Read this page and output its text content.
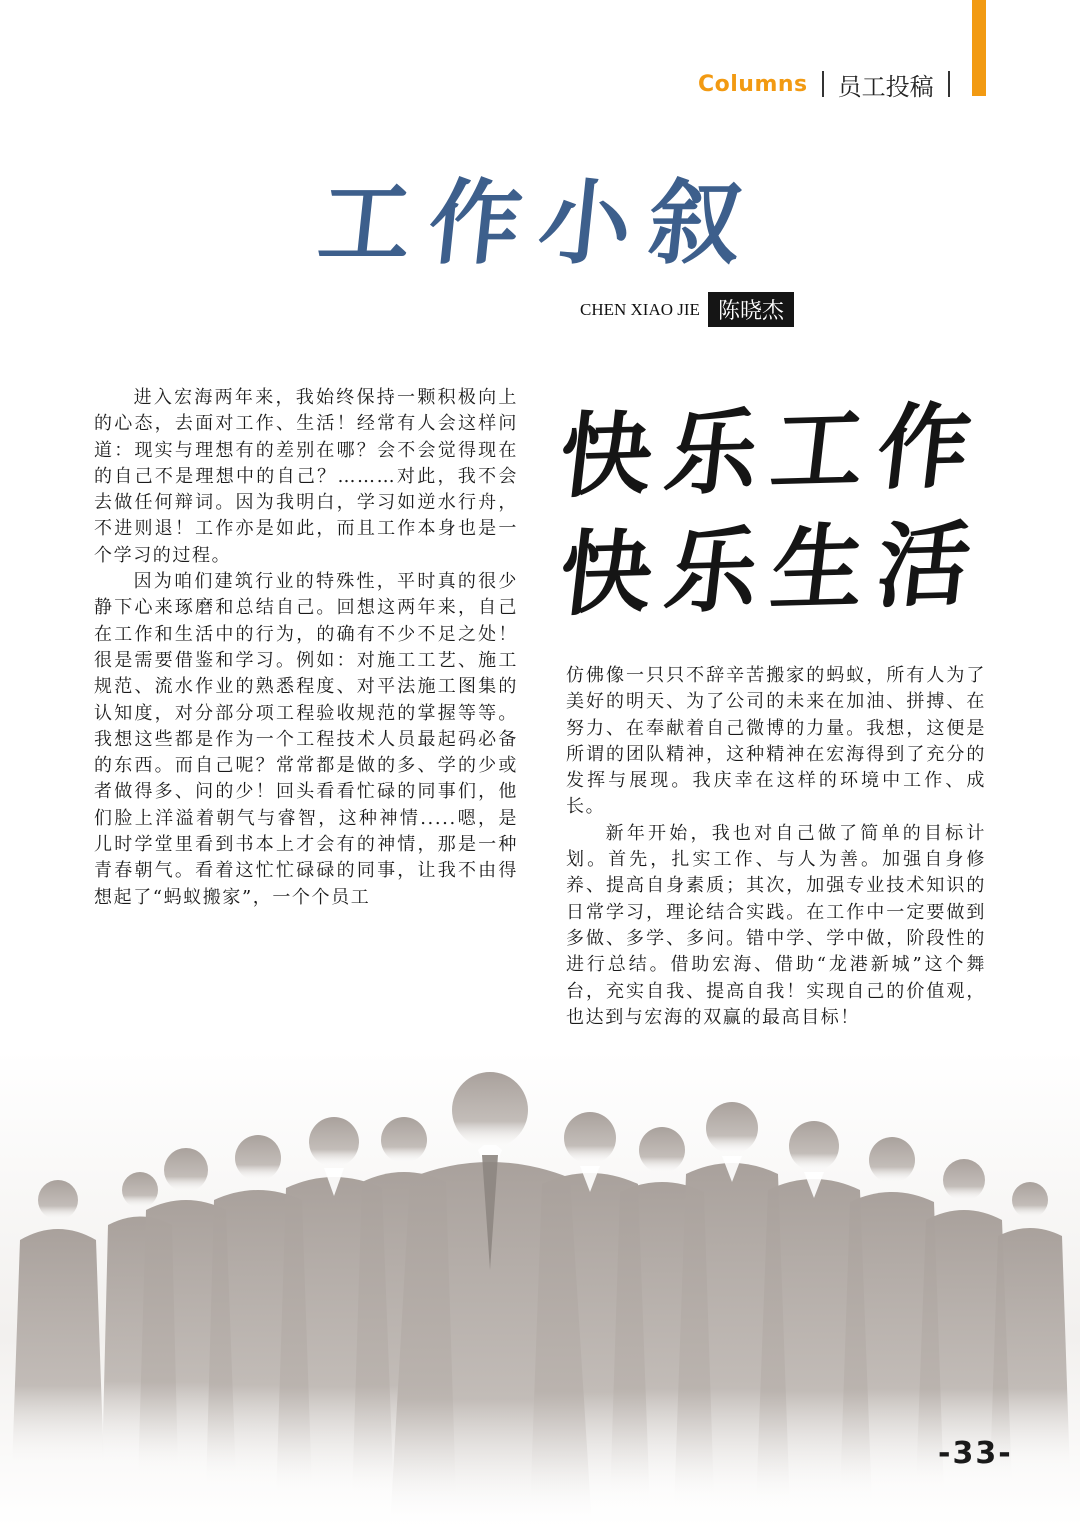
Columns 员工投稿
工作小叙
CHEN XIAO JIE 陈晓杰

进入宏海两年来，我始终保持一颗积极向上的心态，去面对工作、生活！经常有人会这样问道：现实与理想有的差别在哪？会不会觉得现在的自己不是理想中的自己？………对此，我不会去做任何辩词。因为我明白，学习如逆水行舟，不进则退！工作亦是如此，而且工作本身也是一个学习的过程。

因为咱们建筑行业的特殊性，平时真的很少静下心来琢磨和总结自己。回想这两年来，自己在工作和生活中的行为，的确有不少不足之处！很是需要借鉴和学习。例如：对施工工艺、施工规范、流水作业的熟悉程度、对平法施工图集的认知度，对分部分项工程验收规范的掌握等等。我想这些都是作为一个工程技术人员最起码必备的东西。而自己呢？常常都是做的多、学的少或者做得多、问的少！回头看看忙碌的同事们，他们脸上洋溢着朝气与睿智，这种神情.....嗯，是儿时学堂里看到书本上才会有的神情，那是一种青春朝气。看着这忙忙碌碌的同事，让我不由得想起了“蚂蚁搬家”，一个个员工

快乐工作
快乐生活

仿佛像一只只不辞辛苦搬家的蚂蚁，所有人为了美好的明天、为了公司的未来在加油、拼搏、在努力、在奉献着自己微博的力量。我想，这便是所谓的团队精神，这种精神在宏海得到了充分的发挥与展现。我庆幸在这样的环境中工作、成长。

新年开始，我也对自己做了简单的目标计划。首先，扎实工作、与人为善。加强自身修养、提高自身素质；其次，加强专业技术知识的日常学习，理论结合实践。在工作中一定要做到多做、多学、多问。错中学、学中做，阶段性的进行总结。借助宏海、借助“龙港新城”这个舞台，充实自我、提高自我！实现自己的价值观，也达到与宏海的双赢的最高目标！

-33-
